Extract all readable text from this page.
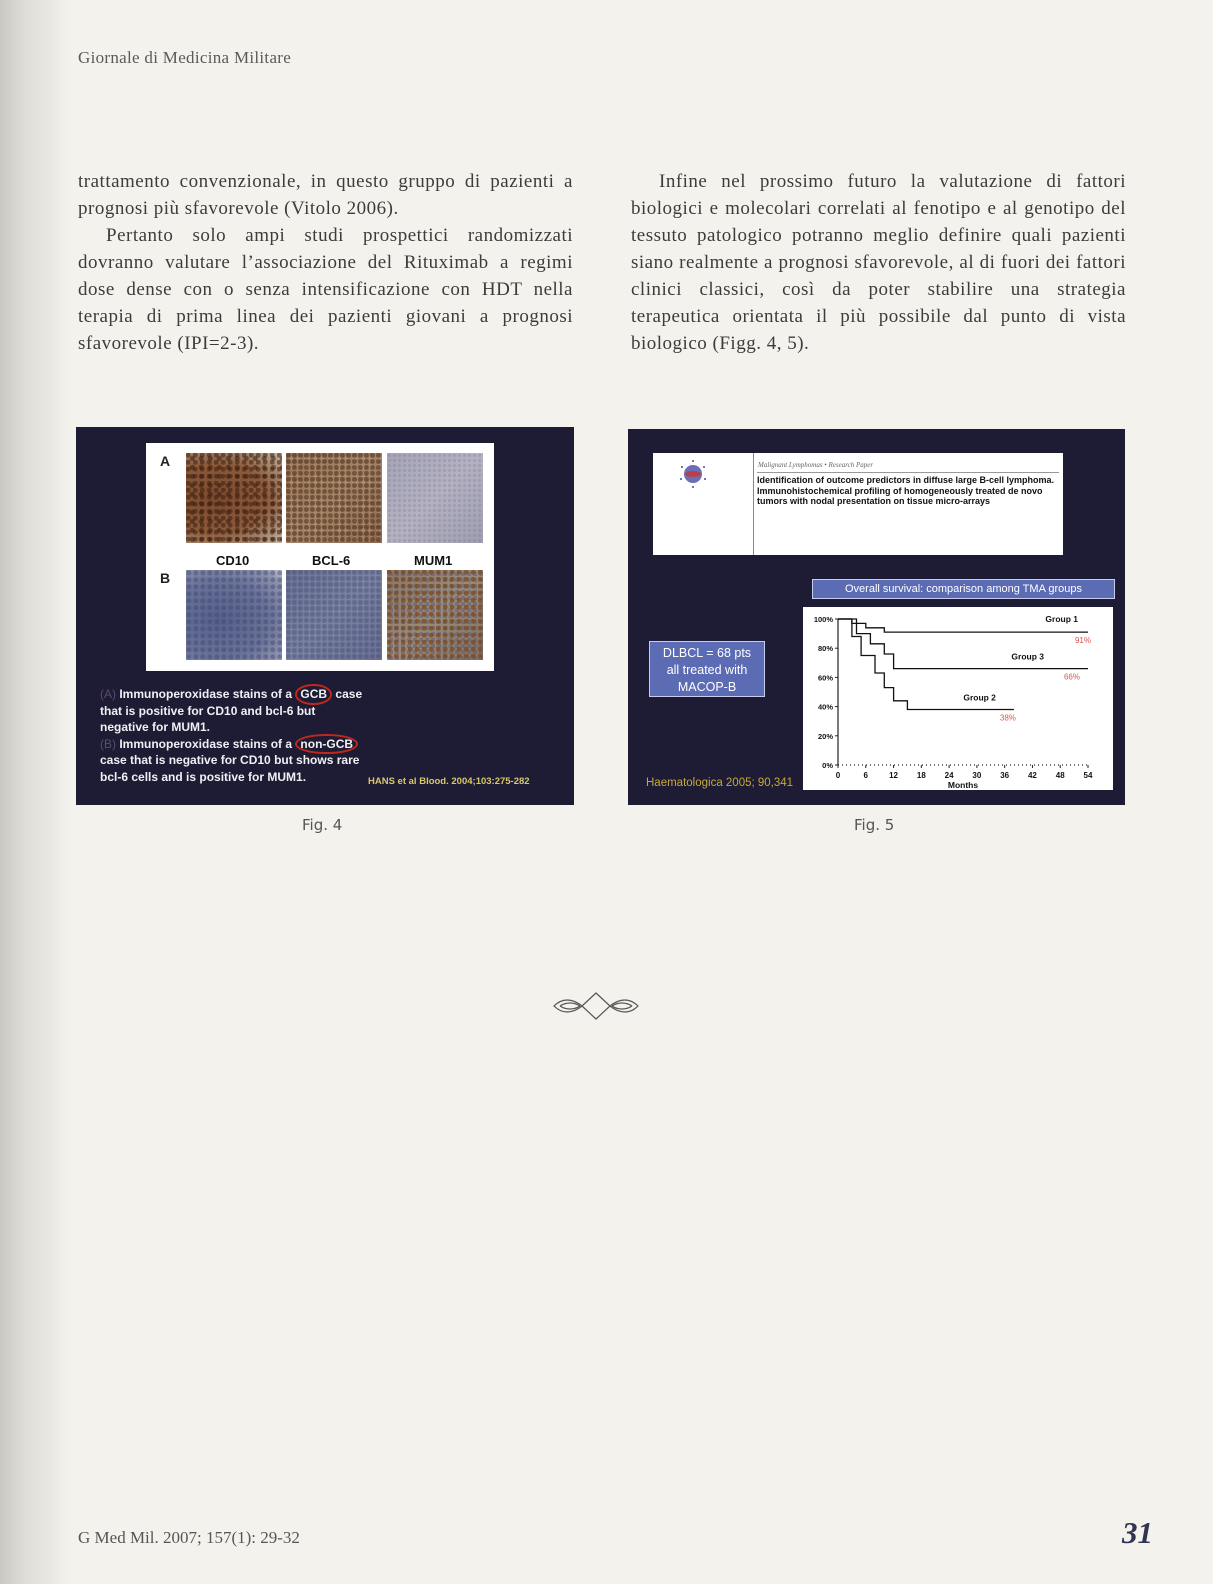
Giornale di Medicina Militare

trattamento convenzionale, in questo gruppo di pazienti a prognosi più sfavorevole (Vitolo 2006).

Pertanto solo ampi studi prospettici randomizzati dovranno valutare l’associazione del Rituximab a regimi dose dense con o senza intensificazione con HDT nella terapia di prima linea dei pazienti giovani a prognosi sfavorevole (IPI=2-3).

Infine nel prossimo futuro la valutazione di fattori biologici e molecolari correlati al fenotipo e al genotipo del tessuto patologico potranno meglio definire quali pazienti siano realmente a prognosi sfavorevole, al di fuori dei fattori clinici classici, così da poter stabilire una strategia terapeutica orientata il più possibile dal punto di vista biologico (Figg. 4, 5).

A
B
CD10	BCL-6	MUM1
(A) Immunoperoxidase stains of a GCB case
that is positive for CD10 and bcl-6 but
negative for MUM1.
(B) Immunoperoxidase stains of a non-GCB
case that is negative for CD10 but shows rare
bcl-6 cells and is positive for MUM1.	HANS et al Blood. 2004;103:275-282
Fig. 4
Malignant Lymphomas • Research Paper
Identification of outcome predictors in diffuse large B-cell lymphoma. Immunohistochemical profiling of homogeneously treated de novo tumors with nodal presentation on tissue micro-arrays
Overall survival: comparison among TMA groups
DLBCL = 68 pts
all treated with
MACOP-B
0%
20%
40%
60%
80%
100%
0	6	12 18 24 30 36 42 48 54
Months
Group 1
91%
Group 3
66%
Group 2
38%
Haematologica 2005; 90,341
Fig. 5
G Med Mil. 2007; 157(1): 29-32	31
